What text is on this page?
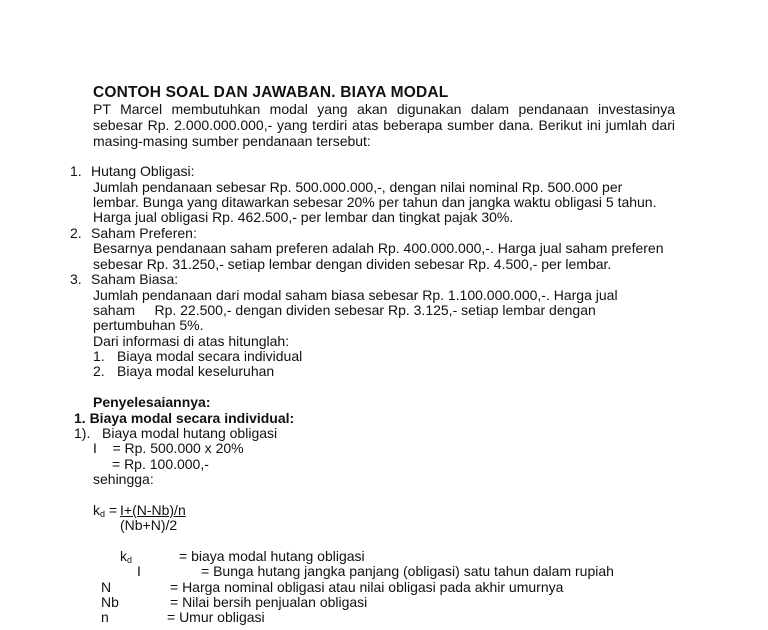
CONTOH SOAL DAN JAWABAN. BIAYA MODAL
PT Marcel membutuhkan modal yang akan digunakan dalam pendanaan investasinya
sebesar Rp. 2.000.000.000,- yang terdiri atas beberapa sumber dana. Berikut ini jumlah dari
masing-masing sumber pendanaan tersebut:
1. Hutang Obligasi:
Jumlah pendanaan sebesar Rp. 500.000.000,-, dengan nilai nominal Rp. 500.000 per
lembar. Bunga yang ditawarkan sebesar 20% per tahun dan jangka waktu obligasi 5 tahun.
Harga jual obligasi Rp. 462.500,- per lembar dan tingkat pajak 30%.
2. Saham Preferen:
Besarnya pendanaan saham preferen adalah Rp. 400.000.000,-. Harga jual saham preferen
sebesar Rp. 31.250,- setiap lembar dengan dividen sebesar Rp. 4.500,- per lembar.
3. Saham Biasa:
Jumlah pendanaan dari modal saham biasa sebesar Rp. 1.100.000.000,-. Harga jual
saham     Rp. 22.500,- dengan dividen sebesar Rp. 3.125,- setiap lembar dengan
pertumbuhan 5%.
Dari informasi di atas hitunglah:
1. Biaya modal secara individual
2. Biaya modal keseluruhan
Penyelesaiannya:
1. Biaya modal secara individual:
1).   Biaya modal hutang obligasi
I    = Rp. 500.000 x 20%
= Rp. 100.000,-
sehingga:
$k_d = I+(N-Nb)/n$
(Nb+N)/2
$k_d$	= biaya modal hutang obligasi
I	= Bunga hutang jangka panjang (obligasi) satu tahun dalam rupiah
N	= Harga nominal obligasi atau nilai obligasi pada akhir umurnya
Nb	= Nilai bersih penjualan obligasi
n	= Umur obligasi
